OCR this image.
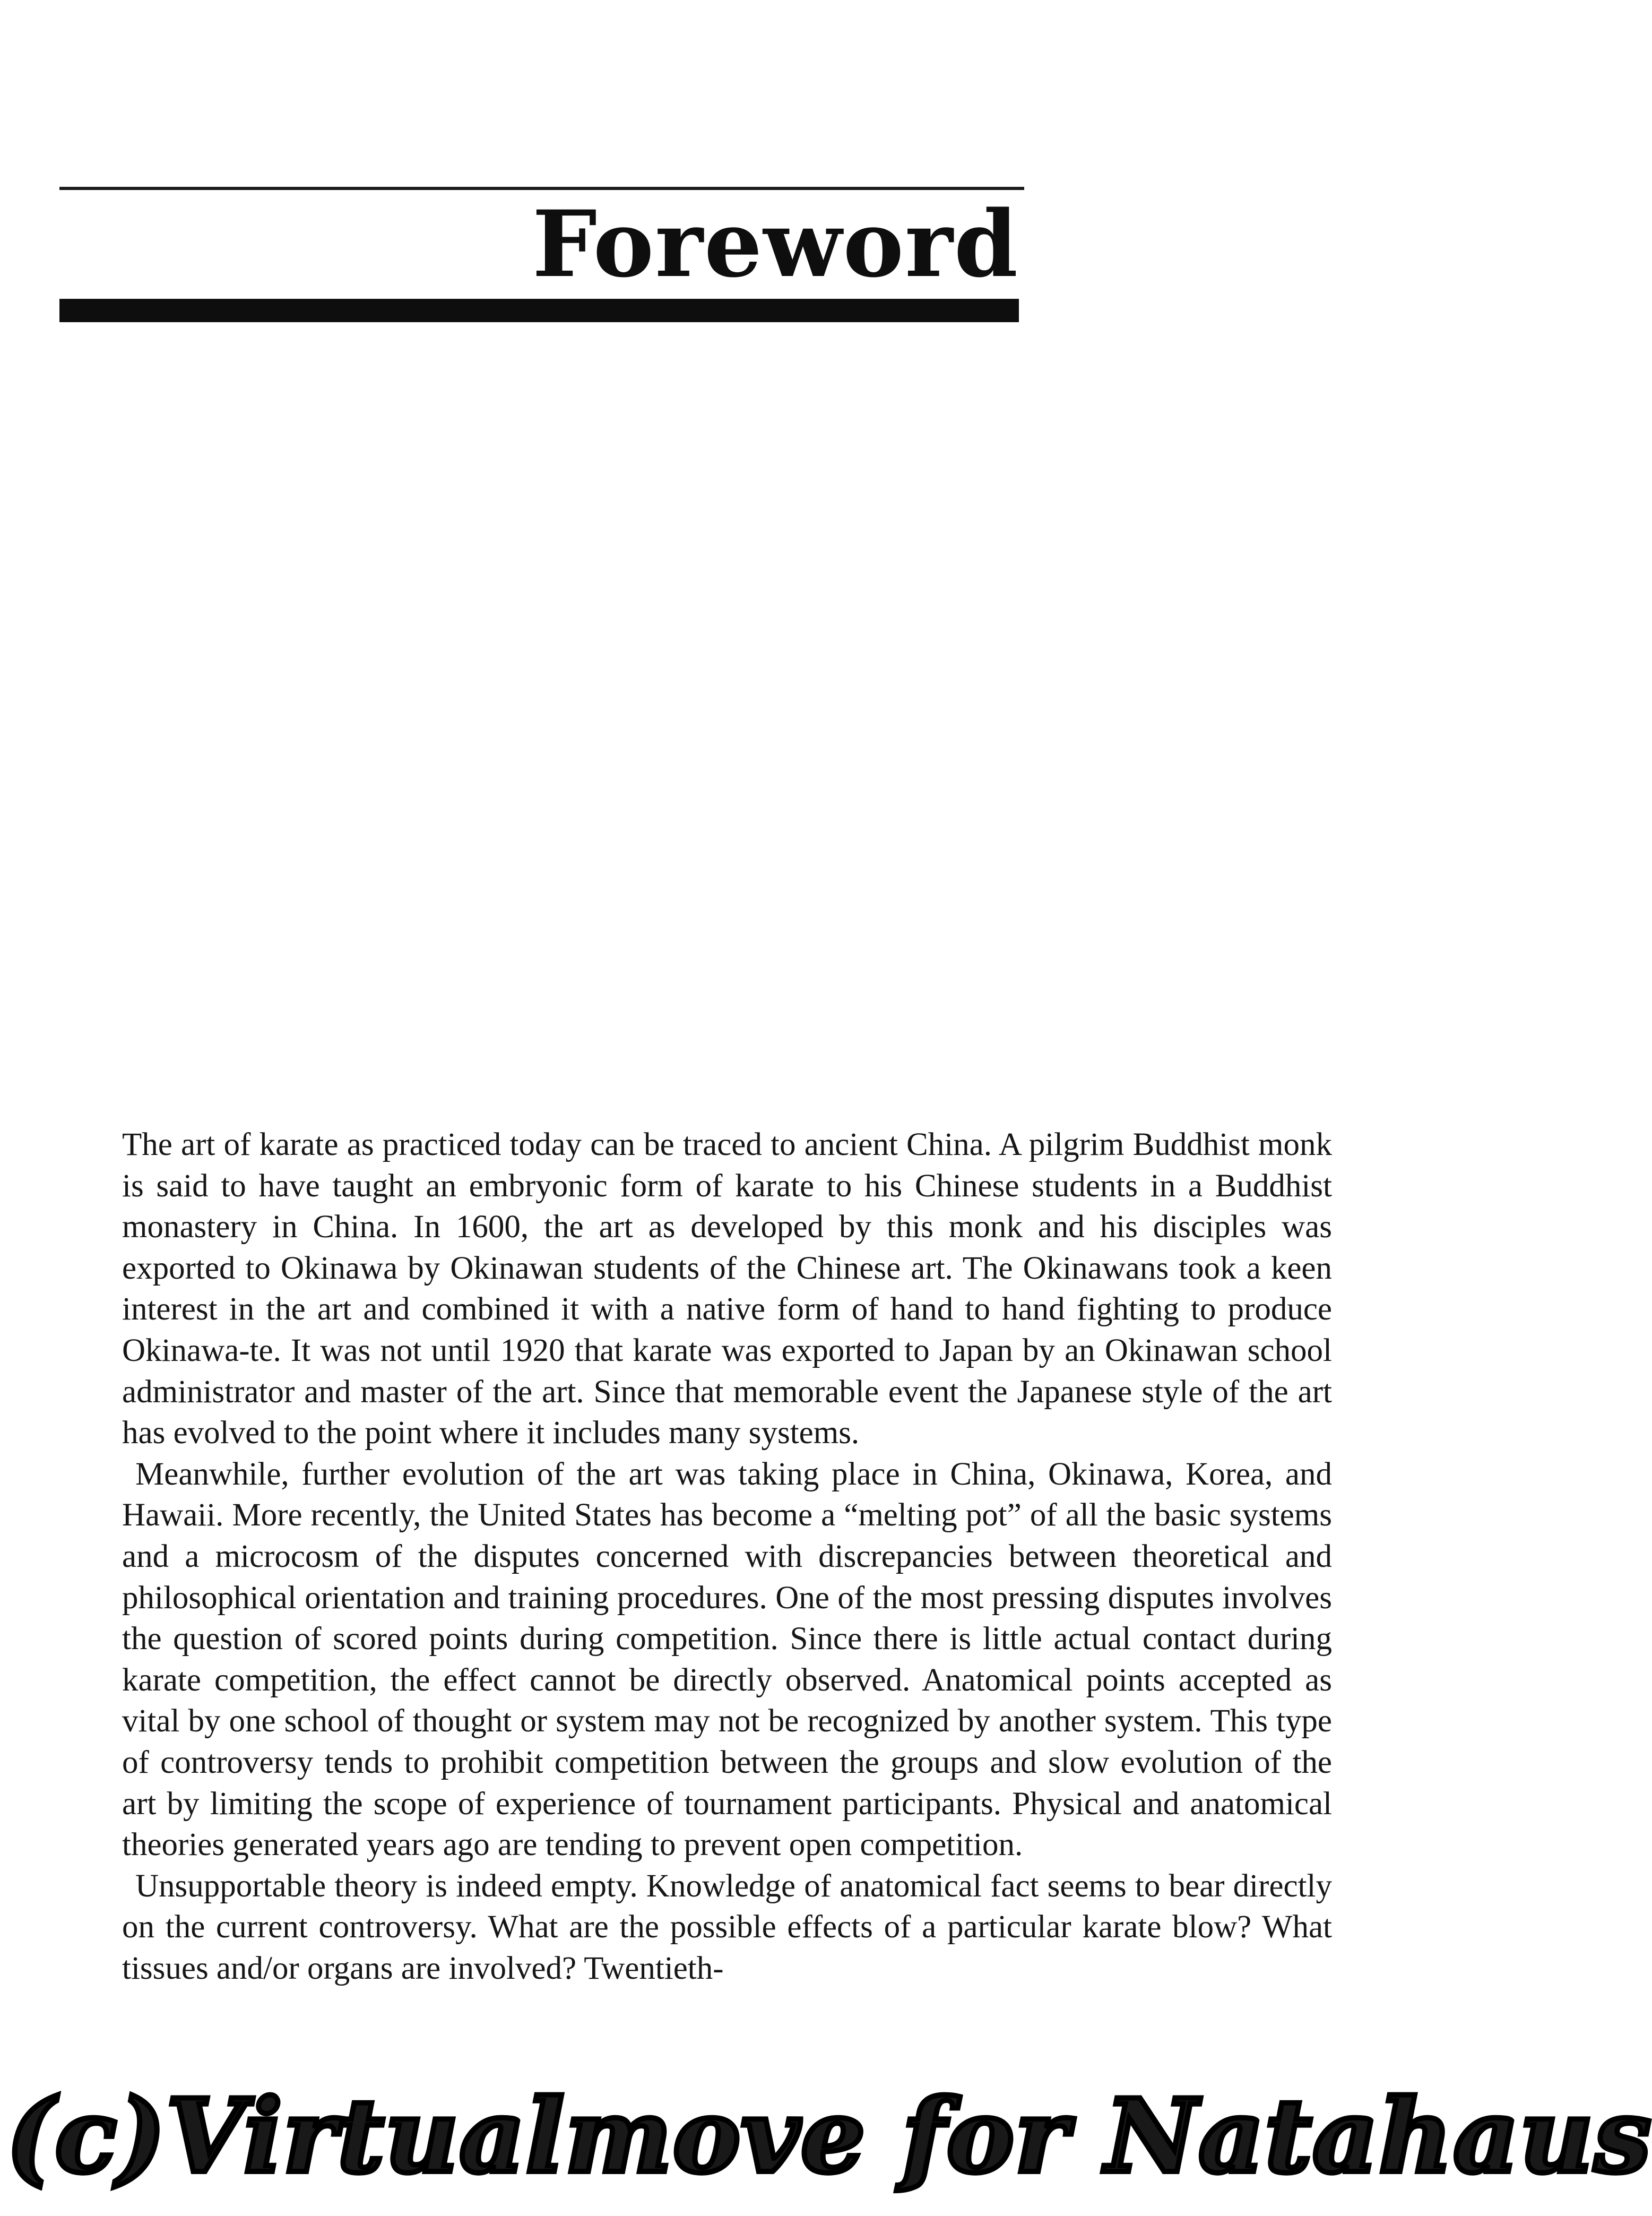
Foreword

The art of karate as practiced today can be traced to ancient China. A pilgrim Buddhist monk is said to have taught an embryonic form of karate to his Chinese students in a Buddhist monastery in China. In 1600, the art as developed by this monk and his disciples was exported to Okinawa by Okinawan students of the Chinese art. The Okinawans took a keen interest in the art and combined it with a native form of hand to hand fighting to produce Okinawa-te. It was not until 1920 that karate was exported to Japan by an Okinawan school administrator and master of the art. Since that memorable event the Japanese style of the art has evolved to the point where it includes many systems.

Meanwhile, further evolution of the art was taking place in China, Okinawa, Korea, and Hawaii. More recently, the United States has become a “melting pot” of all the basic systems and a microcosm of the disputes concerned with discrepancies between theoretical and philosophical orientation and training procedures. One of the most pressing disputes involves the question of scored points during competition. Since there is little actual contact during karate competition, the effect cannot be directly observed. Anatomical points accepted as vital by one school of thought or system may not be recognized by another system. This type of controversy tends to prohibit competition between the groups and slow evolution of the art by limiting the scope of experience of tournament participants. Physical and anatomical theories generated years ago are tending to prevent open competition.

Unsupportable theory is indeed empty. Knowledge of anatomical fact seems to bear directly on the current controversy. What are the possible effects of a particular karate blow? What tissues and/or organs are involved? Twentieth-

(c)Virtualmove for Natahaus
